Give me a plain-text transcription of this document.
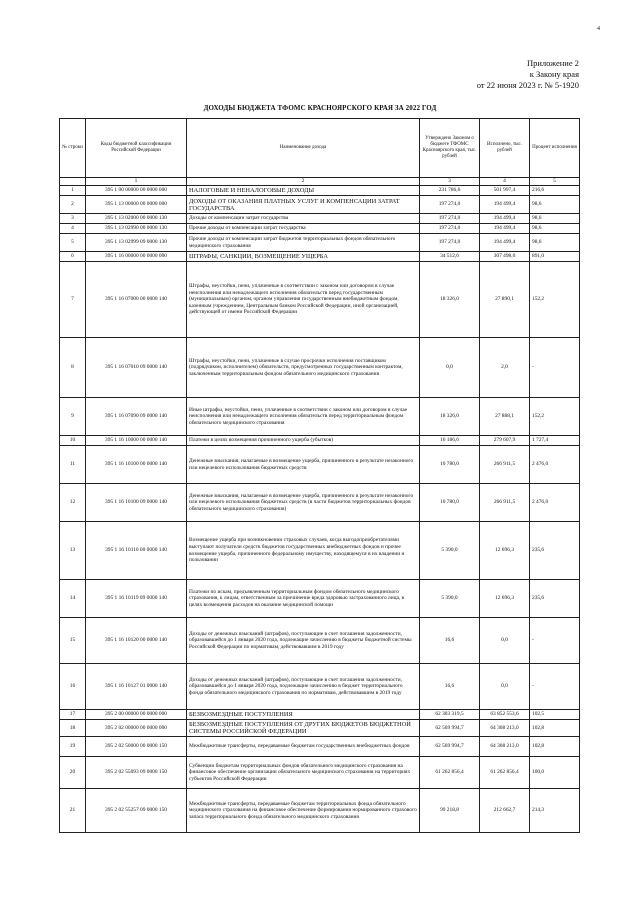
4
Приложение 2
к Закону края
от 22 июня 2023 г. № 5-1920
ДОХОДЫ БЮДЖЕТА ТФОМС КРАСНОЯРСКОГО КРАЯ ЗА 2022 ГОД
№ строки	Коды бюджетной классификации Российской Федерации	Наименование дохода	Утверждено Законом о бюджете ТФОМС Красноярского края, тыс. рублей	Исполнено, тыс. рублей	Процент исполнения
	1	2	3	4	5
1	395 1 00 00000 00 0000 000	НАЛОГОВЫЕ И НЕНАЛОГОВЫЕ ДОХОДЫ	231 786,6	501 997,4	216,6
2	395 1 13 00000 00 0000 000	ДОХОДЫ ОТ ОКАЗАНИЯ ПЛАТНЫХ УСЛУГ И КОМПЕНСАЦИИ ЗАТРАТ ГОСУДАРСТВА	197 274,0	194 499,4	98,6
3	395 1 13 02000 00 0000 130	Доходы от компенсации затрат государства	197 274,0	194 499,4	98,6
4	395 1 13 02990 00 0000 130	Прочие доходы от компенсации затрат государства	197 274,0	194 499,4	98,6
5	395 1 13 02999 09 0000 130	Прочие доходы от компенсации затрат бюджетов территориальных фондов обязательного медицинского страхования	197 274,0	194 499,4	98,6
6	395 1 16 00000 00 0000 000	ШТРАФЫ, САНКЦИИ, ВОЗМЕЩЕНИЕ УЩЕРБА	34 512,6	307 498,0	891,0
7	395 1 16 07000 00 0000 140	Штрафы, неустойки, пени, уплаченные в соответствии с законом или договором в случае неисполнения или ненадлежащего исполнения обязательств перед государственным (муниципальным) органом, органом управления государственным внебюджетным фондом, казенным учреждением, Центральным банком Российской Федерации, иной организацией, действующей от имени Российской Федерации	18 326,0	27 890,1	152,2
8	395 1 16 07010 09 0000 140	Штрафы, неустойки, пени, уплаченные в случае просрочки исполнения поставщиком (подрядчиком, исполнителем) обязательств, предусмотренных государственным контрактом, заключенным территориальным фондом обязательного медицинского страхования	0,0	2,0	-
9	395 1 16 07090 09 0000 140	Иные штрафы, неустойки, пени, уплаченные в соответствии с законом или договором в случае неисполнения или ненадлежащего исполнения обязательств перед территориальным фондом обязательного медицинского страхования	18 326,0	27 888,1	152,2
10	395 1 16 10000 00 0000 140	Платежи в целях возмещения причиненного ущерба (убытков)	16 186,6	279 607,9	1 727,4
11	395 1 16 10100 00 0000 140	Денежные взыскания, налагаемые в возмещение ущерба, причиненного в результате незаконного или нецелевого использования бюджетных средств	10 780,0	266 911,5	2 476,0
12	395 1 16 10100 09 0000 140	Денежные взыскания, налагаемые в возмещение ущерба, причиненного в результате незаконного или нецелевого использования бюджетных средств (в части бюджетов территориальных фондов обязательного медицинского страхования)	10 780,0	266 911,5	2 476,0
13	395 1 16 10110 00 0000 140	Возмещение ущерба при возникновении страховых случаев, когда выгодоприобретателями выступают получатели средств бюджетов государственных внебюджетных фондов и прочее возмещение ущерба, причиненного федеральному имуществу, находящемуся в их владении и пользовании	5 390,0	12 696,3	235,6
14	395 1 16 10119 09 0000 140	Платежи по искам, предъявленным территориальным фондом обязательного медицинского страхования, к лицам, ответственным за причинение вреда здоровью застрахованного лица, в целях возмещения расходов на оказание медицинской помощи	5 390,0	12 696,3	235,6
15	395 1 16 10120 00 0000 140	Доходы от денежных взысканий (штрафов), поступающие в счет погашения задолженности, образовавшейся до 1 января 2020 года, подлежащие зачислению в бюджеты бюджетной системы Российской Федерации по нормативам, действовавшим в 2019 году	16,6	0,0	-
16	395 1 16 10127 01 0000 140	Доходы от денежных взысканий (штрафов), поступающие в счет погашения задолженности, образовавшейся до 1 января 2020 года, подлежащие зачислению в бюджет территориального фонда обязательного медицинского страхования по нормативам, действовавшим в 2019 году	16,6	0,0	-
17	395 2 00 00000 00 0000 000	БЕЗВОЗМЕЗДНЫЕ ПОСТУПЛЕНИЯ	62 303 319,5	63 852 553,6	102,5
18	395 2 02 00000 00 0000 000	БЕЗВОЗМЕЗДНЫЕ ПОСТУПЛЕНИЯ ОТ ДРУГИХ БЮДЖЕТОВ БЮДЖЕТНОЙ СИСТЕМЫ РОССИЙСКОЙ ФЕДЕРАЦИИ	62 569 994,7	64 308 213,0	102,8
19	395 2 02 50000 00 0000 150	Межбюджетные трансферты, передаваемые бюджетам государственных внебюджетных фондов	62 569 994,7	64 308 213,0	102,8
20	395 2 02 55093 09 0000 150	Субвенции бюджетам территориальных фондов обязательного медицинского страхования на финансовое обеспечение организации обязательного медицинского страхования на территориях субъектов Российской Федерации	61 262 856,4	61 262 856,4	100,0
21	395 2 02 55257 09 0000 150	Межбюджетные трансферты, передаваемые бюджетам территориальных фонда обязательного медицинского страхования на финансовое обеспечение формирования нормированного страхового запаса территориального фонда обязательного медицинского страхования	99 218,8	212 662,7	214,3
